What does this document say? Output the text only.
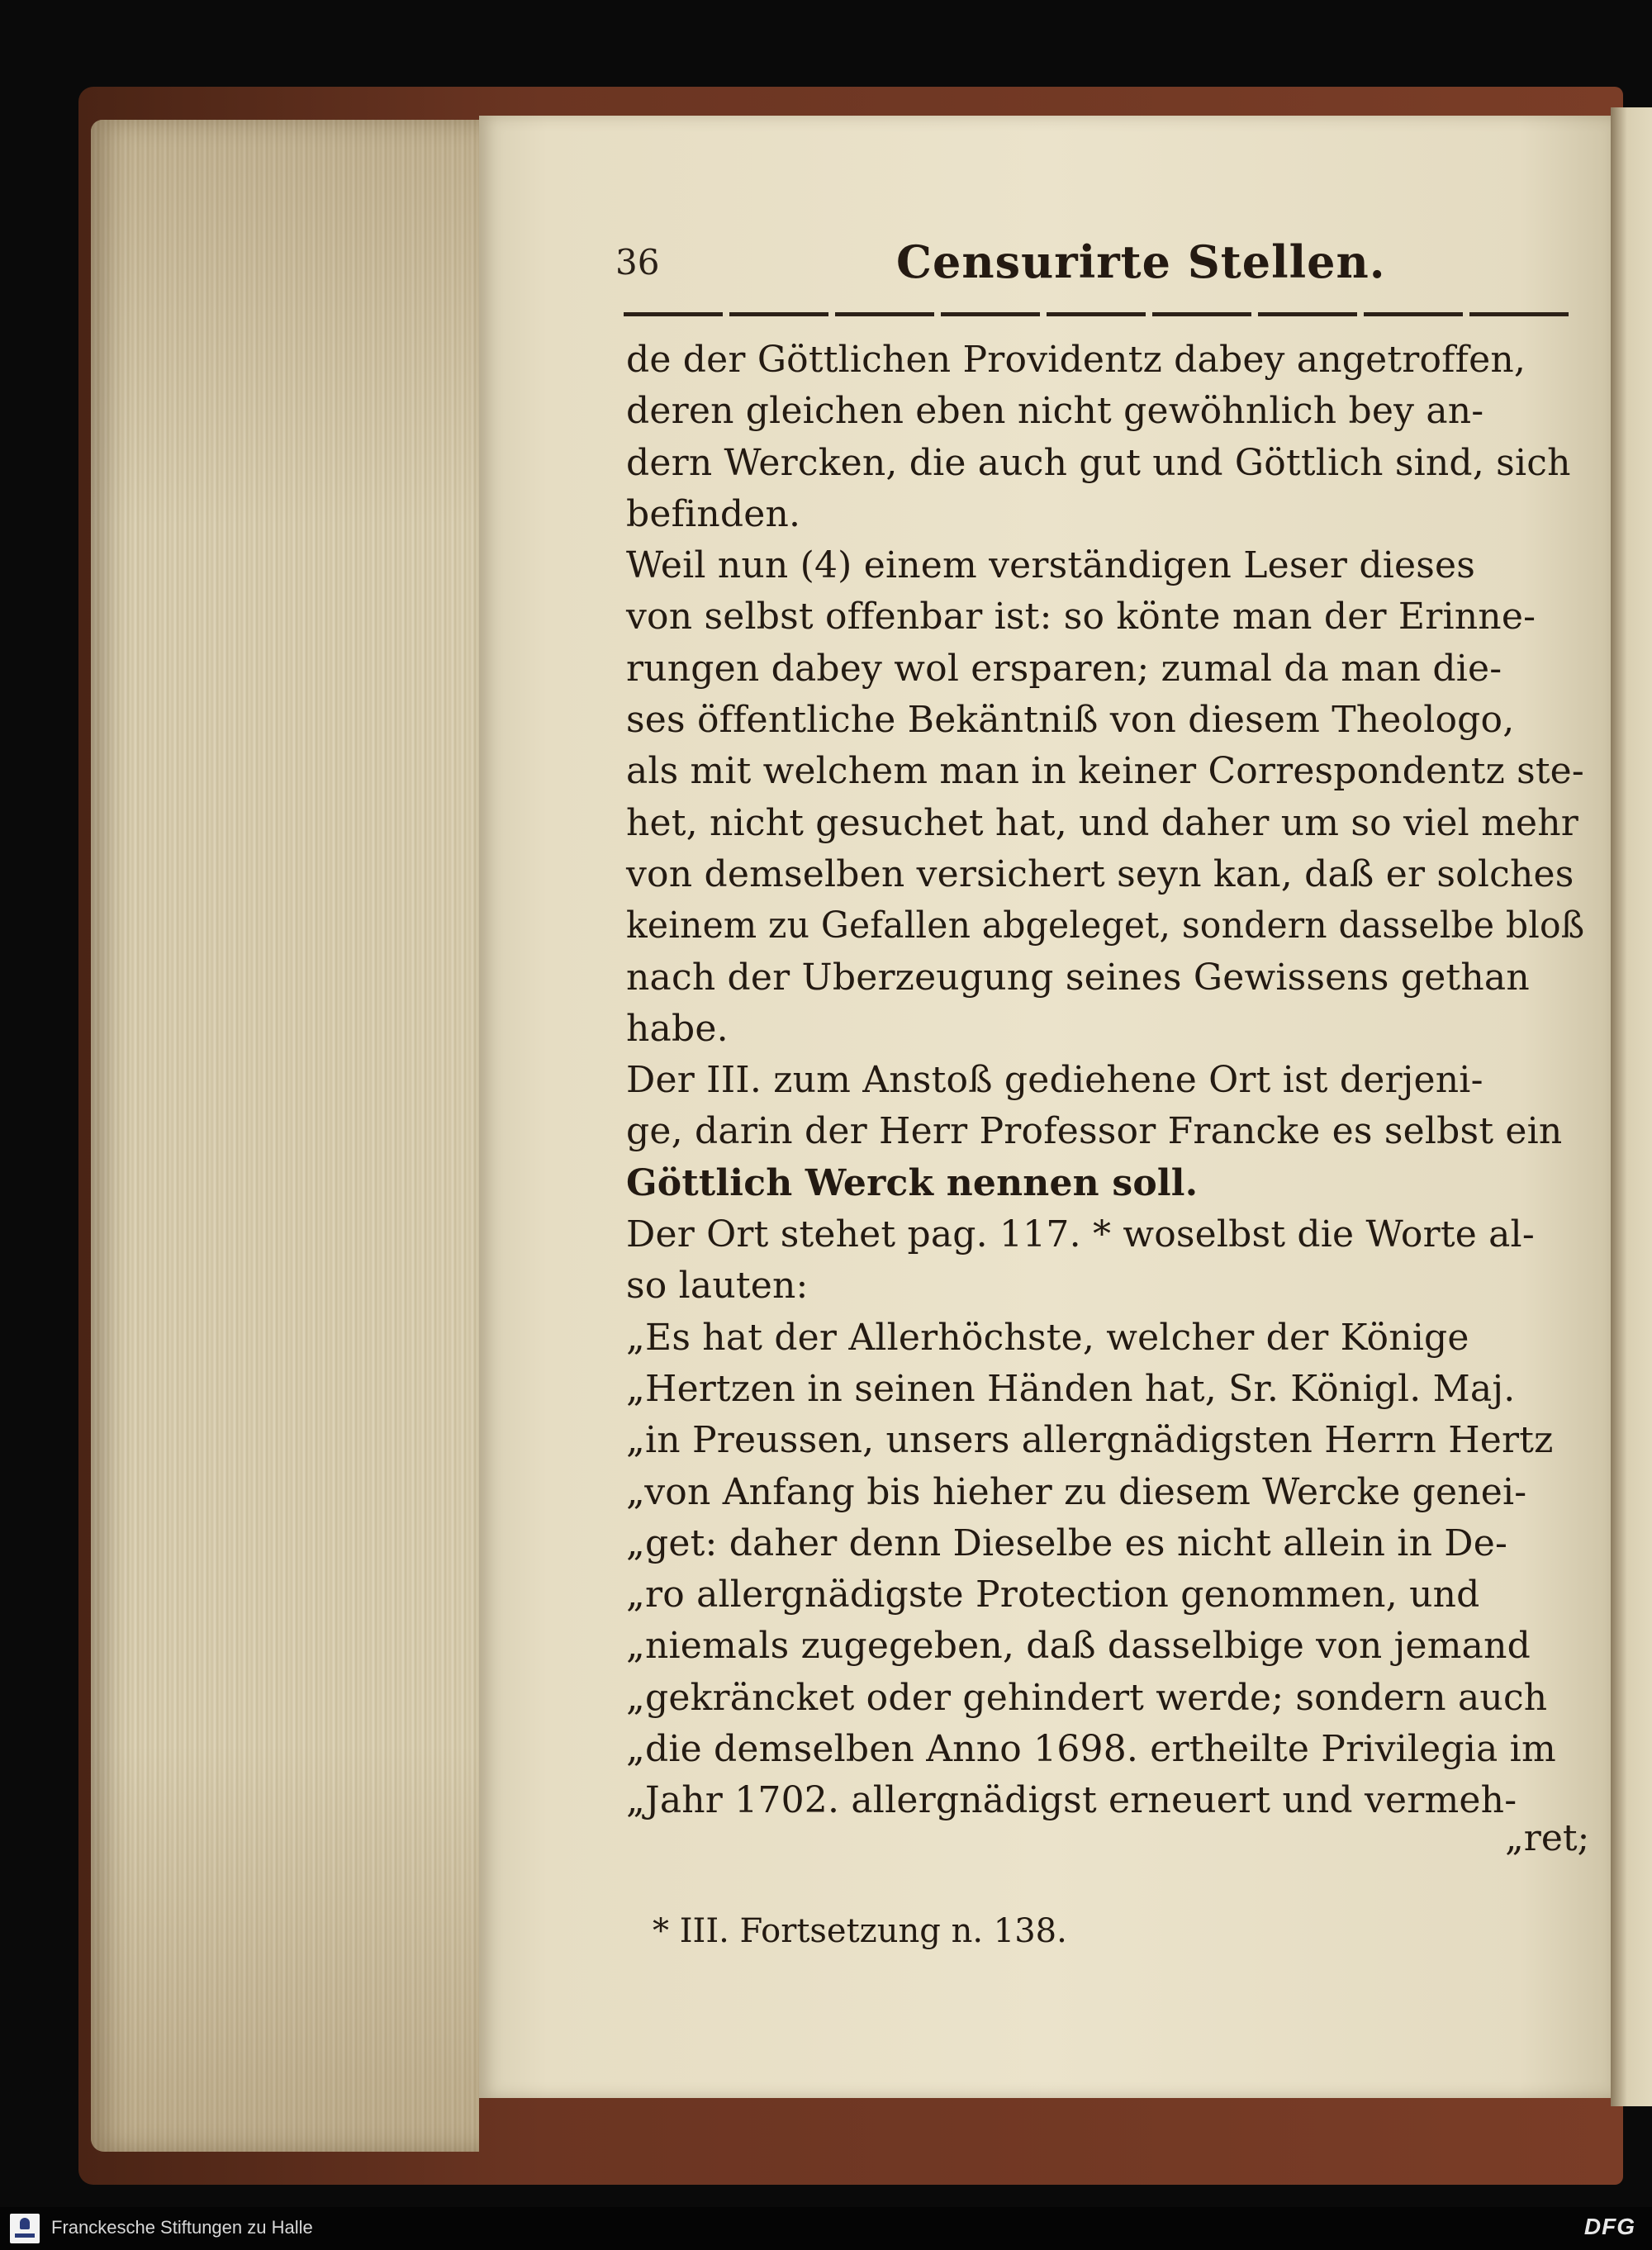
36	Censurirte Stellen.
de der Göttlichen Providentz dabey angetroffen,
deren gleichen eben nicht gewöhnlich bey an-
dern Wercken, die auch gut und Göttlich sind, sich
befinden.
Weil nun (4) einem verständigen Leser dieses
von selbst offenbar ist: so könte man der Erinne-
rungen dabey wol ersparen; zumal da man die-
ses öffentliche Bekäntniß von diesem Theologo,
als mit welchem man in keiner Correspondentz ste-
het, nicht gesuchet hat, und daher um so viel mehr
von demselben versichert seyn kan, daß er solches
keinem zu Gefallen abgeleget, sondern dasselbe bloß
nach der Uberzeugung seines Gewissens gethan
habe.
Der III. zum Anstoß gediehene Ort ist derjeni-
ge, darin der Herr Professor Francke es selbst ein
Göttlich Werck nennen soll.
Der Ort stehet pag. 117. * woselbst die Worte al-
so lauten:
„Es hat der Allerhöchste, welcher der Könige
„Hertzen in seinen Händen hat, Sr. Königl. Maj.
„in Preussen, unsers allergnädigsten Herrn Hertz
„von Anfang bis hieher zu diesem Wercke genei-
„get: daher denn Dieselbe es nicht allein in De-
„ro allergnädigste Protection genommen, und
„niemals zugegeben, daß dasselbige von jemand
„gekräncket oder gehindert werde; sondern auch
„die demselben Anno 1698. ertheilte Privilegia im
„Jahr 1702. allergnädigst erneuert und vermeh-
„ret;
* III. Fortsetzung n. 138.
Franckesche Stiftungen zu Halle	DFG
